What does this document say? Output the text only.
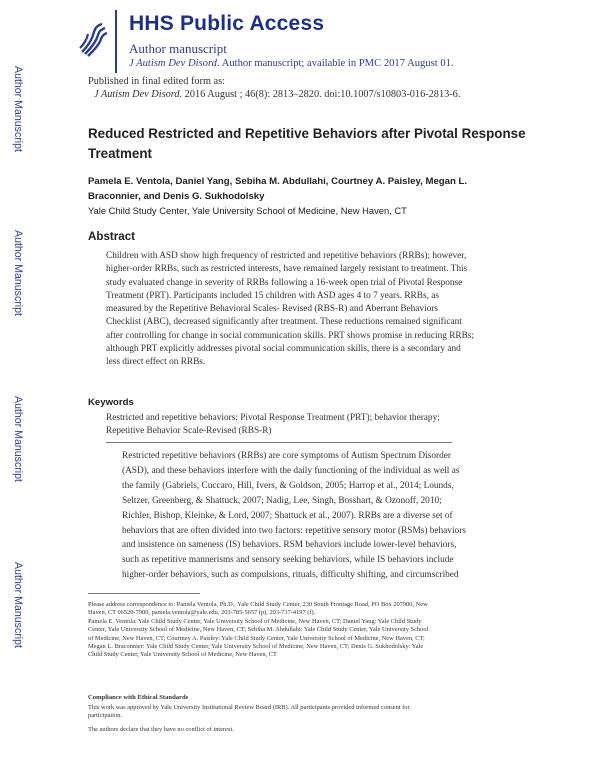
HHS Public Access
Author manuscript
J Autism Dev Disord. Author manuscript; available in PMC 2017 August 01.
Published in final edited form as:
J Autism Dev Disord. 2016 August ; 46(8): 2813–2820. doi:10.1007/s10803-016-2813-6.
Author Manuscript
Author Manuscript
Author Manuscript
Author Manuscript
Reduced Restricted and Repetitive Behaviors after Pivotal Response Treatment
Pamela E. Ventola, Daniel Yang, Sebiha M. Abdullahi, Courtney A. Paisley, Megan L.
Braconnier, and Denis G. Sukhodolsky
Yale Child Study Center, Yale University School of Medicine, New Haven, CT
Abstract
Children with ASD show high frequency of restricted and repetitive behaviors (RRBs); however,
higher-order RRBs, such as restricted interests, have remained largely resistant to treatment. This
study evaluated change in severity of RRBs following a 16-week open trial of Pivotal Response
Treatment (PRT). Participants included 15 children with ASD ages 4 to 7 years. RRBs, as
measured by the Repetitive Behavioral Scales- Revised (RBS-R) and Aberrant Behaviors
Checklist (ABC), decreased significantly after treatment. These reductions remained significant
after controlling for change in social communication skills. PRT shows promise in reducing RRBs;
although PRT explicitly addresses pivotal social communication skills, there is a secondary and
less direct effect on RRBs.
Keywords
Restricted and repetitive behaviors; Pivotal Response Treatment (PRT); behavior therapy;
Repetitive Behavior Scale-Revised (RBS-R)
Restricted repetitive behaviors (RRBs) are core symptoms of Autism Spectrum Disorder
(ASD), and these behaviors interfere with the daily functioning of the individual as well as
the family (Gabriels, Cuccaro, Hill, Ivers, & Goldson, 2005; Harrop et al., 2014; Lounds,
Seltzer, Greenberg, & Shattuck, 2007; Nadig, Lee, Singh, Bosshart, & Ozonoff, 2010;
Richler, Bishop, Kleinke, & Lord, 2007; Shattuck et al., 2007). RRBs are a diverse set of
behaviors that are often divided into two factors: repetitive sensory motor (RSMs) behaviors
and insistence on sameness (IS) behaviors. RSM behaviors include lower-level behaviors,
such as repetitive mannerisms and sensory seeking behaviors, while IS behaviors include
higher-order behaviors, such as compulsions, rituals, difficulty shifting, and circumscribed
Please address correspondence to: Pamela Ventola, Ph.D., Yale Child Study Center, 230 South Frontage Road, PO Box 207900, New
Haven, CT 06520-7900, pamela.ventola@yale.edu, 203-785-5657 (p), 203-737-4197 (f).
Pamela E. Ventola: Yale Child Study Center, Yale University School of Medicine, New Haven, CT; Daniel Yang: Yale Child Study
Center, Yale University School of Medicine, New Haven, CT; Sebiha M. Abdullahi: Yale Child Study Center, Yale University School
of Medicine, New Haven, CT; Courtney A. Paisley: Yale Child Study Center, Yale University School of Medicine, New Haven, CT;
Megan L. Braconnier: Yale Child Study Center, Yale University School of Medicine, New Haven, CT; Denis G. Sukhodolsky: Yale
Child Study Center, Yale University School of Medicine, New Haven, CT
Compliance with Ethical Standards
This work was approved by Yale University Institutional Review Board (IRB). All participants provided informed consent for
participation.
The authors declare that they have no conflict of interest.
